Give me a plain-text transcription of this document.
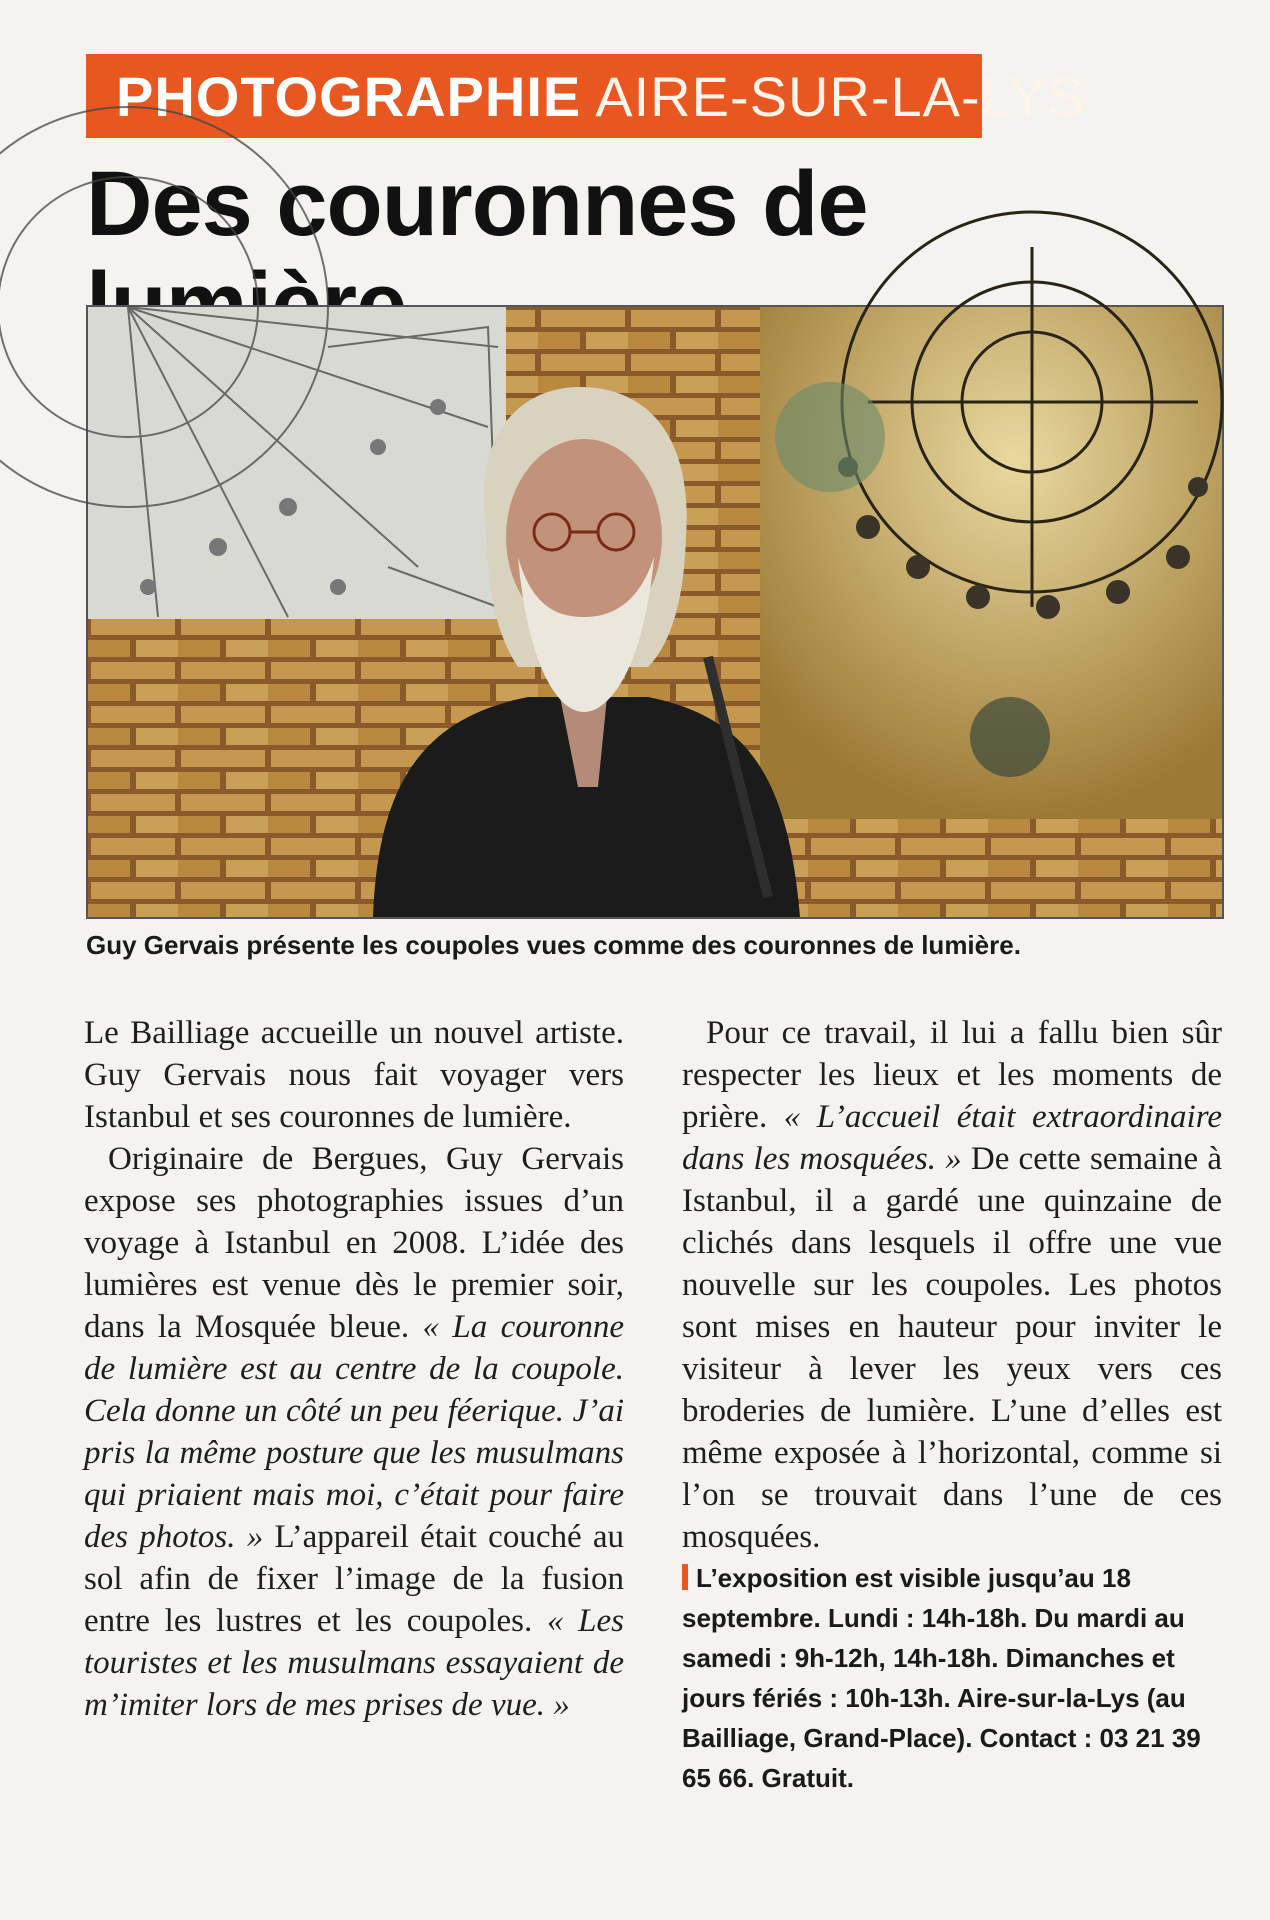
PHOTOGRAPHIE AIRE-SUR-LA-LYS
Des couronnes de

Guy Gervais présente les coupoles vues comme des couronnes de lumière.

Le Bailliage accueille un nouvel artiste. Guy Gervais nous fait voyager vers Istanbul et ses couronnes de lumière.

Originaire de Bergues, Guy Gervais expose ses photographies issues d’un voyage à Istanbul en 2008. L’idée des lumières est venue dès le premier soir, dans la Mosquée bleue. « La couronne de lumière est au centre de la coupole. Cela donne un côté un peu féerique. J’ai pris la même posture que les musulmans qui priaient mais moi, c’était pour faire des photos. » L’appareil était couché au sol afin de fixer l’image de la fusion entre les lustres et les coupoles. « Les touristes et les musulmans essayaient de m’imiter lors de mes prises de vue. »

Pour ce travail, il lui a fallu bien sûr respecter les lieux et les moments de prière. « L’accueil était extraordinaire dans les mosquées. » De cette semaine à Istanbul, il a gardé une quinzaine de clichés dans lesquels il offre une vue nouvelle sur les coupoles. Les photos sont mises en hauteur pour inviter le visiteur à lever les yeux vers ces broderies de lumière. L’une d’elles est même exposée à l’horizontal, comme si l’on se trouvait dans l’une de ces mosquées.

L’exposition est visible jusqu’au 18 septembre. Lundi : 14h-18h. Du mardi au samedi : 9h-12h, 14h-18h. Dimanches et jours fériés : 10h-13h. Aire-sur-la-Lys (au Bailliage, Grand-Place). Contact : 03 21 39 65 66. Gratuit.
